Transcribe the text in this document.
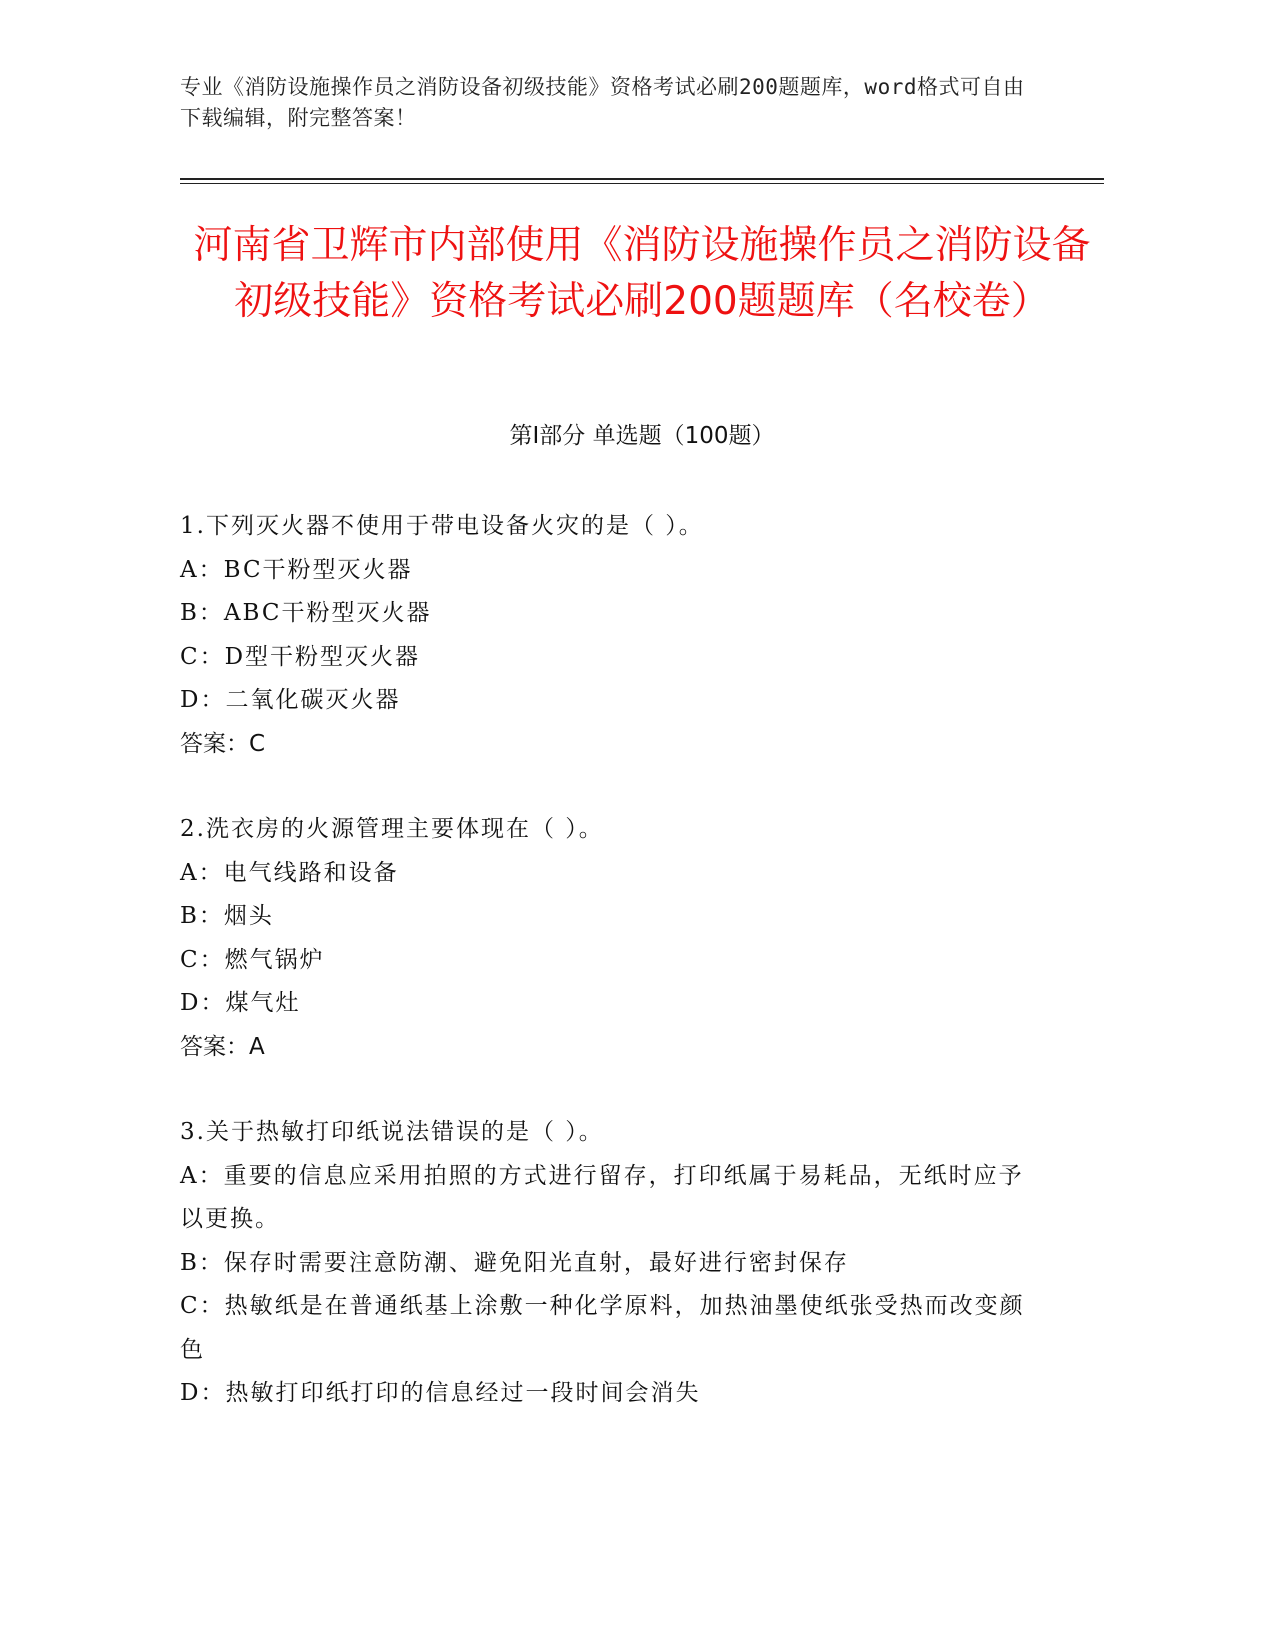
专业《消防设施操作员之消防设备初级技能》资格考试必刷200题题库，word格式可自由下载编辑，附完整答案！
河南省卫辉市内部使用《消防设施操作员之消防设备初级技能》资格考试必刷200题题库（名校卷）
第Ⅰ部分 单选题（100题）
1.下列灭火器不使用于带电设备火灾的是（ ）。
A：BC干粉型灭火器
B：ABC干粉型灭火器
C：D型干粉型灭火器
D：二氧化碳灭火器
答案：C
2.洗衣房的火源管理主要体现在（ ）。
A：电气线路和设备
B：烟头
C：燃气锅炉
D：煤气灶
答案：A
3.关于热敏打印纸说法错误的是（ ）。
A：重要的信息应采用拍照的方式进行留存，打印纸属于易耗品，无纸时应予以更换。
B：保存时需要注意防潮、避免阳光直射，最好进行密封保存
C：热敏纸是在普通纸基上涂敷一种化学原料，加热油墨使纸张受热而改变颜色
D：热敏打印纸打印的信息经过一段时间会消失
